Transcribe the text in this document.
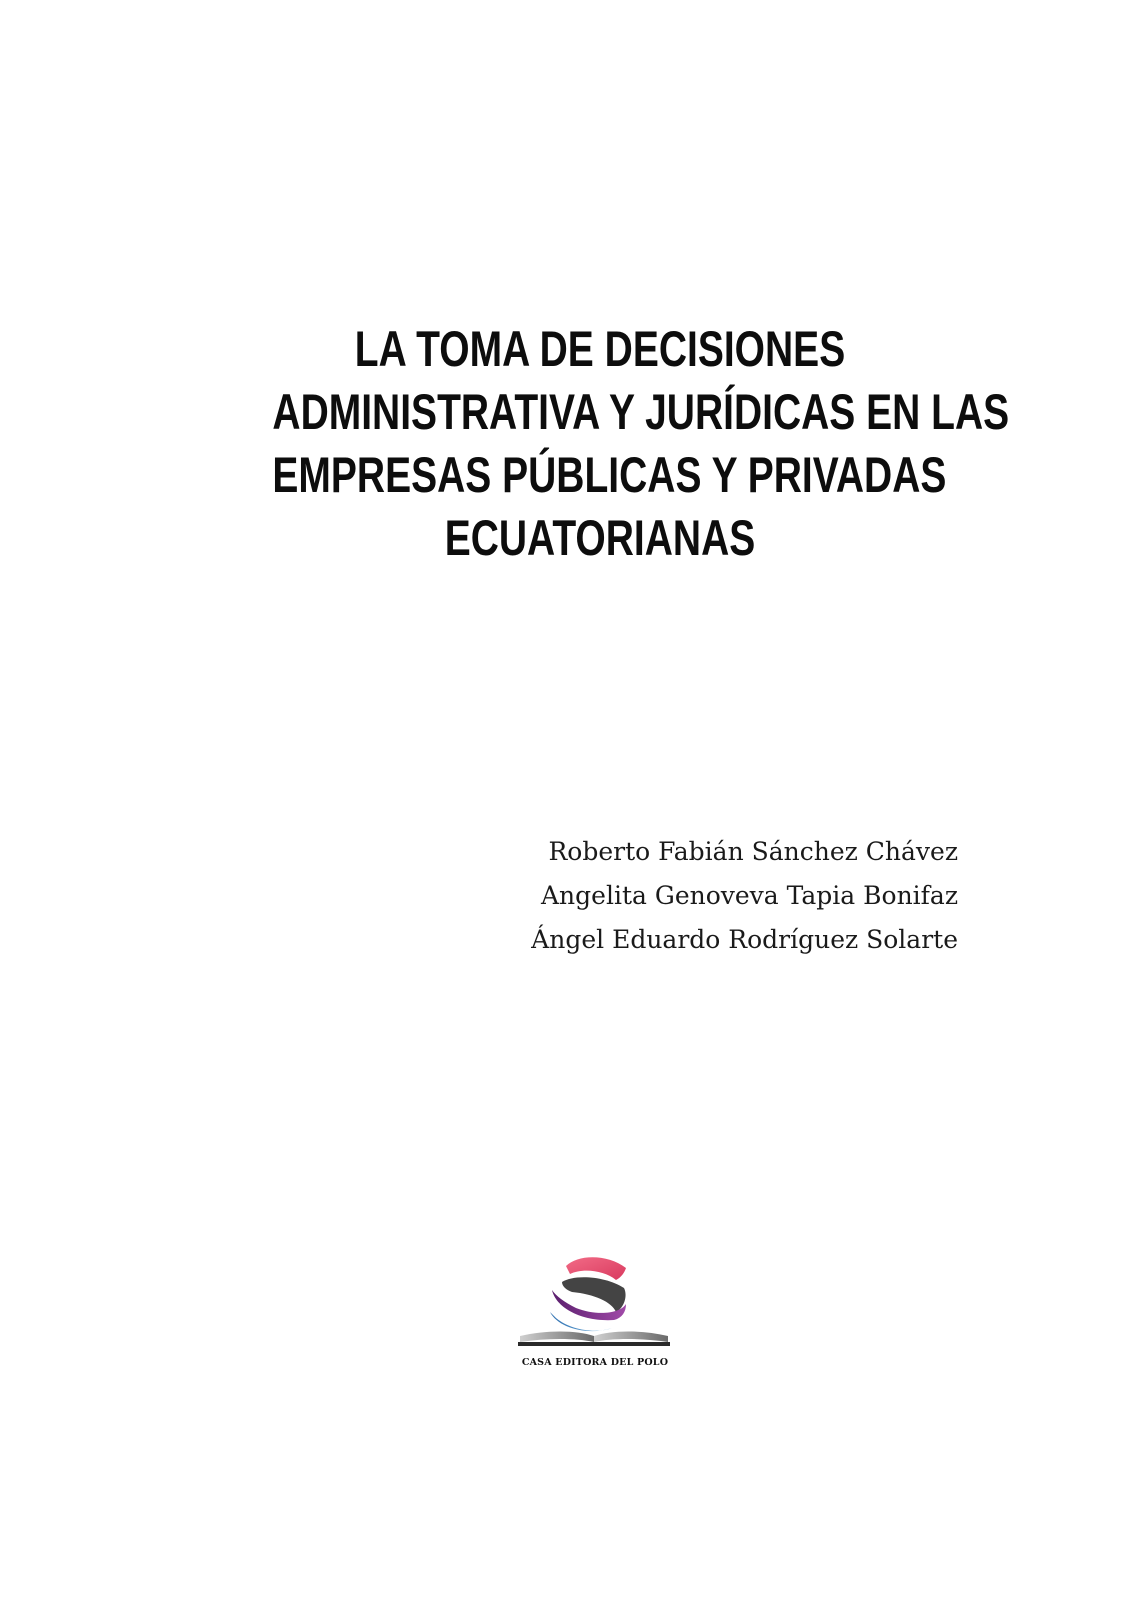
LA TOMA DE DECISIONES
ADMINISTRATIVA Y JURÍDICAS EN LAS
EMPRESAS PÚBLICAS Y PRIVADAS
ECUATORIANAS
Roberto Fabián Sánchez Chávez
Angelita Genoveva Tapia Bonifaz
Ángel Eduardo Rodríguez Solarte
CASA EDITORA DEL POLO
